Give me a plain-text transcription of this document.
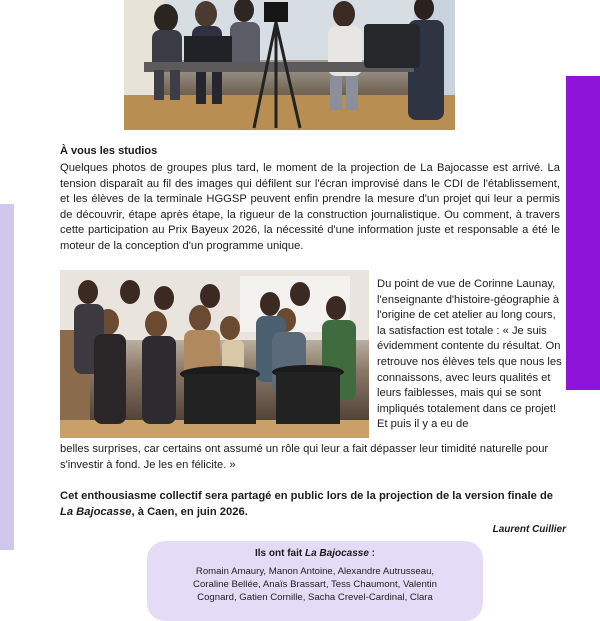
À vous les studios

Quelques photos de groupes plus tard, le moment de la projection de La Bajocasse est arrivé. La tension disparaît au fil des images qui défilent sur l'écran improvisé dans le CDI de l'établissement, et les élèves de la terminale HGGSP peuvent enfin prendre la mesure d'un projet qui leur a permis de découvrir, étape après étape, la rigueur de la construction journalistique. Ou comment, à travers cette participation au Prix Bayeux 2026, la nécessité d'une information juste et responsable a été le moteur de la conception d'un programme unique.

Du point de vue de Corinne Launay, l'enseignante d'histoire-géographie à l'origine de cet atelier au long cours, la satisfaction est totale : « Je suis évidemment contente du résultat. On retrouve nos élèves tels que nous les connaissons, avec leurs qualités et leurs faiblesses, mais qui se sont impliqués totalement dans ce projet! Et puis il y a eu de

belles surprises, car certains ont assumé un rôle qui leur a fait dépasser leur timidité naturelle pour s'investir à fond. Je les en félicite. »

Cet enthousiasme collectif sera partagé en public lors de la projection de la version finale de La Bajocasse, à Caen, en juin 2026.

Laurent Cuillier

Ils ont fait La Bajocasse :

Romain Amaury, Manon Antoine, Alexandre Autrusseau, Coraline Bellée, Anaïs Brassart, Tess Chaumont, Valentin Cognard, Gatien Cornille, Sacha Crevel-Cardinal, Clara
